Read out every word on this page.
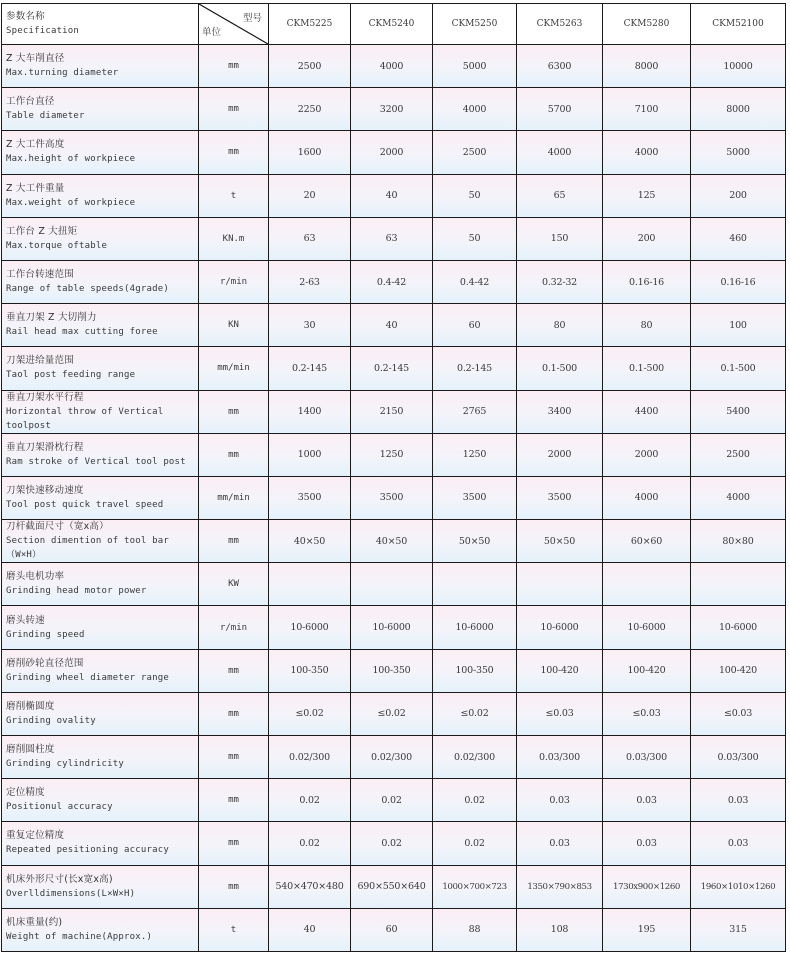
参数名称
Specification	型号
单位	CKM5225	CKM5240	CKM5250	CKM5263	CKM5280	CKM52100

Z 大车削直径
Max.turning diameter	mm	2500	4000	5000	6300	8000	10000

工作台直径
Table diameter	mm	2250	3200	4000	5700	7100	8000

Z 大工件高度
Max.height of workpiece	mm	1600	2000	2500	4000	4000	5000

Z 大工件重量
Max.weight of workpiece	t	20	40	50	65	125	200

工作台 Z 大扭矩
Max.torque oftable	KN.m	63	63	50	150	200	460

工作台转速范围
Range of table speeds(4grade)	r/min	2-63	0.4-42	0.4-42	0.32-32	0.16-16	0.16-16

垂直刀架 Z 大切削力
Rail head max cutting foree	KN	30	40	60	80	80	100

刀架进给量范围
Taol post feeding range	mm/min	0.2-145	0.2-145	0.2-145	0.1-500	0.1-500	0.1-500

垂直刀架水平行程
Horizontal throw of Vertical
toolpost	mm	1400	2150	2765	3400	4400	5400

垂直刀架滑枕行程
Ram stroke of Vertical tool post	mm	1000	1250	1250	2000	2000	2500

刀架快速移动速度
Tool post quick travel speed	mm/min	3500	3500	3500	3500	4000	4000

刀杆截面尺寸（宽x高）
Section dimention of tool bar
（W×H）	mm	40×50	40×50	50×50	50×50	60×60	80×80

磨头电机功率
Grinding head motor power	KW						

磨头转速
Grinding speed	r/min	10-6000	10-6000	10-6000	10-6000	10-6000	10-6000

磨削砂轮直径范围
Grinding wheel diameter range	mm	100-350	100-350	100-350	100-420	100-420	100-420

磨削椭圆度
Grinding ovality	mm	≤0.02	≤0.02	≤0.02	≤0.03	≤0.03	≤0.03

磨削圆柱度
Grinding cylindricity	mm	0.02/300	0.02/300	0.02/300	0.03/300	0.03/300	0.03/300

定位精度
Positionul accuracy	mm	0.02	0.02	0.02	0.03	0.03	0.03

重复定位精度
Repeated pesitioning accuracy	mm	0.02	0.02	0.02	0.03	0.03	0.03

机床外形尺寸(长x宽x高)
Overlldimensions(L×W×H)	mm	540×470×480	690×550×640	1000×700×723	1350×790×853	1730x900×1260	1960×1010×1260

机床重量(约)
Weight of machine(Approx.)	t	40	60	88	108	195	315
